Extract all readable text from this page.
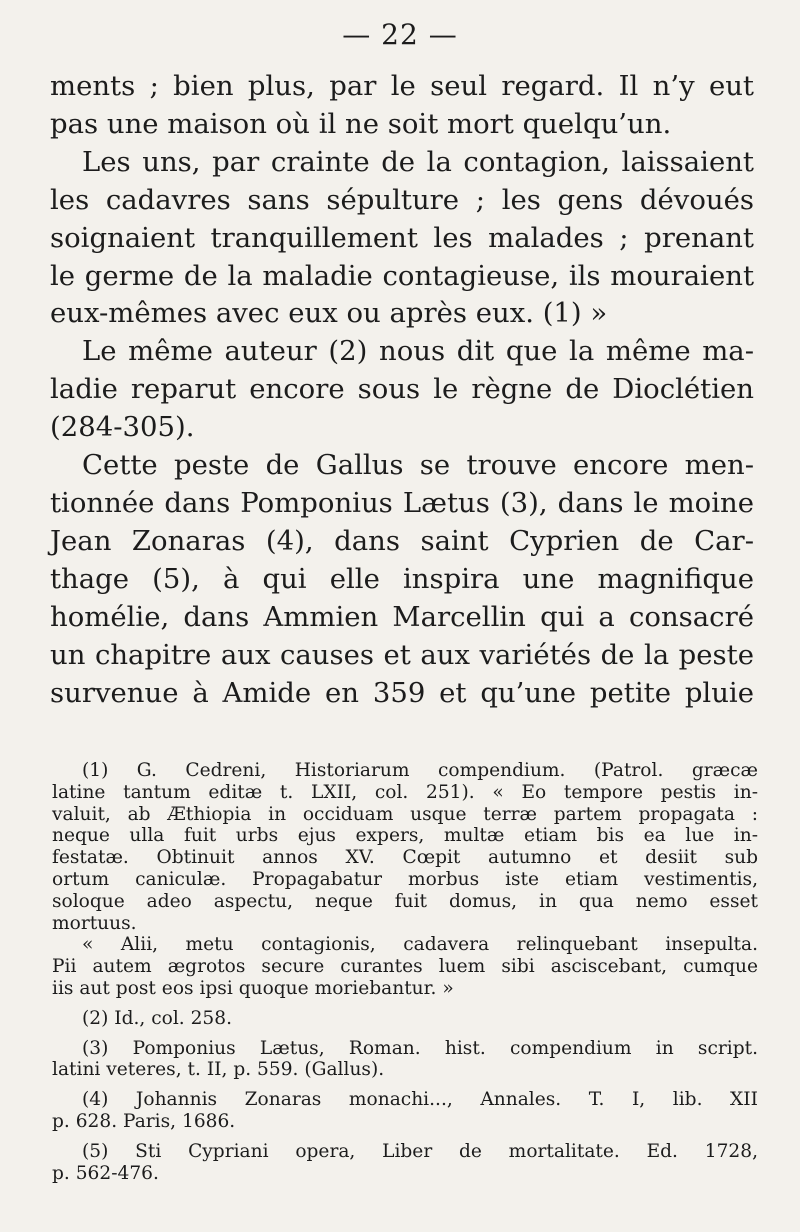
— 22 —
ments ; bien plus, par le seul regard. Il n’y eut
pas une maison où il ne soit mort quelqu’un.
Les uns, par crainte de la contagion, laissaient
les cadavres sans sépulture ; les gens dévoués
soignaient tranquillement les malades ; prenant
le germe de la maladie contagieuse, ils mouraient
eux-mêmes avec eux ou après eux. (1) »
Le même auteur (2) nous dit que la même ma-
ladie reparut encore sous le règne de Dioclétien
(284-305).
Cette peste de Gallus se trouve encore men-
tionnée dans Pomponius Lætus (3), dans le moine
Jean Zonaras (4), dans saint Cyprien de Car-
thage (5), à qui elle inspira une magnifique
homélie, dans Ammien Marcellin qui a consacré
un chapitre aux causes et aux variétés de la peste
survenue à Amide en 359 et qu’une petite pluie
(1) G. Cedreni, Historiarum compendium. (Patrol. græcæ
latine tantum editæ t. LXII, col. 251). « Eo tempore pestis in-
valuit, ab Æthiopia in occiduam usque terræ partem propagata :
neque ulla fuit urbs ejus expers, multæ etiam bis ea lue in-
festatæ. Obtinuit annos XV. Cœpit autumno et desiit sub
ortum caniculæ. Propagabatur morbus iste etiam vestimentis,
soloque adeo aspectu, neque fuit domus, in qua nemo esset
mortuus.
« Alii, metu contagionis, cadavera relinquebant insepulta.
Pii autem ægrotos secure curantes luem sibi asciscebant, cumque
iis aut post eos ipsi quoque moriebantur. »
(2) Id., col. 258.
(3) Pomponius Lætus, Roman. hist. compendium in script.
latini veteres, t. II, p. 559. (Gallus).
(4) Johannis Zonaras monachi..., Annales. T. I, lib. XII
p. 628. Paris, 1686.
(5) Sti Cypriani opera, Liber de mortalitate. Ed. 1728,
p. 562-476.
